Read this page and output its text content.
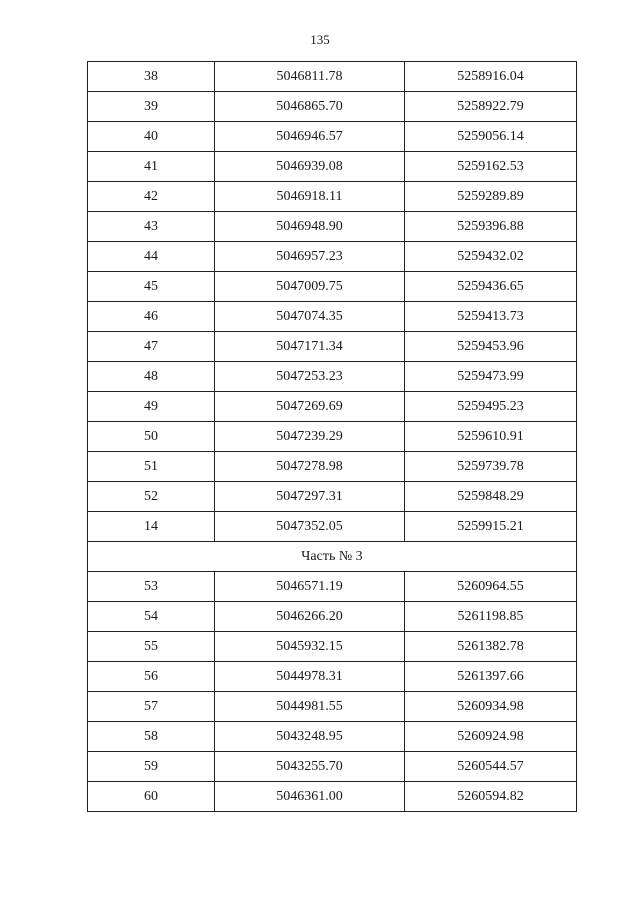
135
38	5046811.78	5258916.04
39	5046865.70	5258922.79
40	5046946.57	5259056.14
41	5046939.08	5259162.53
42	5046918.11	5259289.89
43	5046948.90	5259396.88
44	5046957.23	5259432.02
45	5047009.75	5259436.65
46	5047074.35	5259413.73
47	5047171.34	5259453.96
48	5047253.23	5259473.99
49	5047269.69	5259495.23
50	5047239.29	5259610.91
51	5047278.98	5259739.78
52	5047297.31	5259848.29
14	5047352.05	5259915.21
Часть № 3		
53	5046571.19	5260964.55
54	5046266.20	5261198.85
55	5045932.15	5261382.78
56	5044978.31	5261397.66
57	5044981.55	5260934.98
58	5043248.95	5260924.98
59	5043255.70	5260544.57
60	5046361.00	5260594.82
